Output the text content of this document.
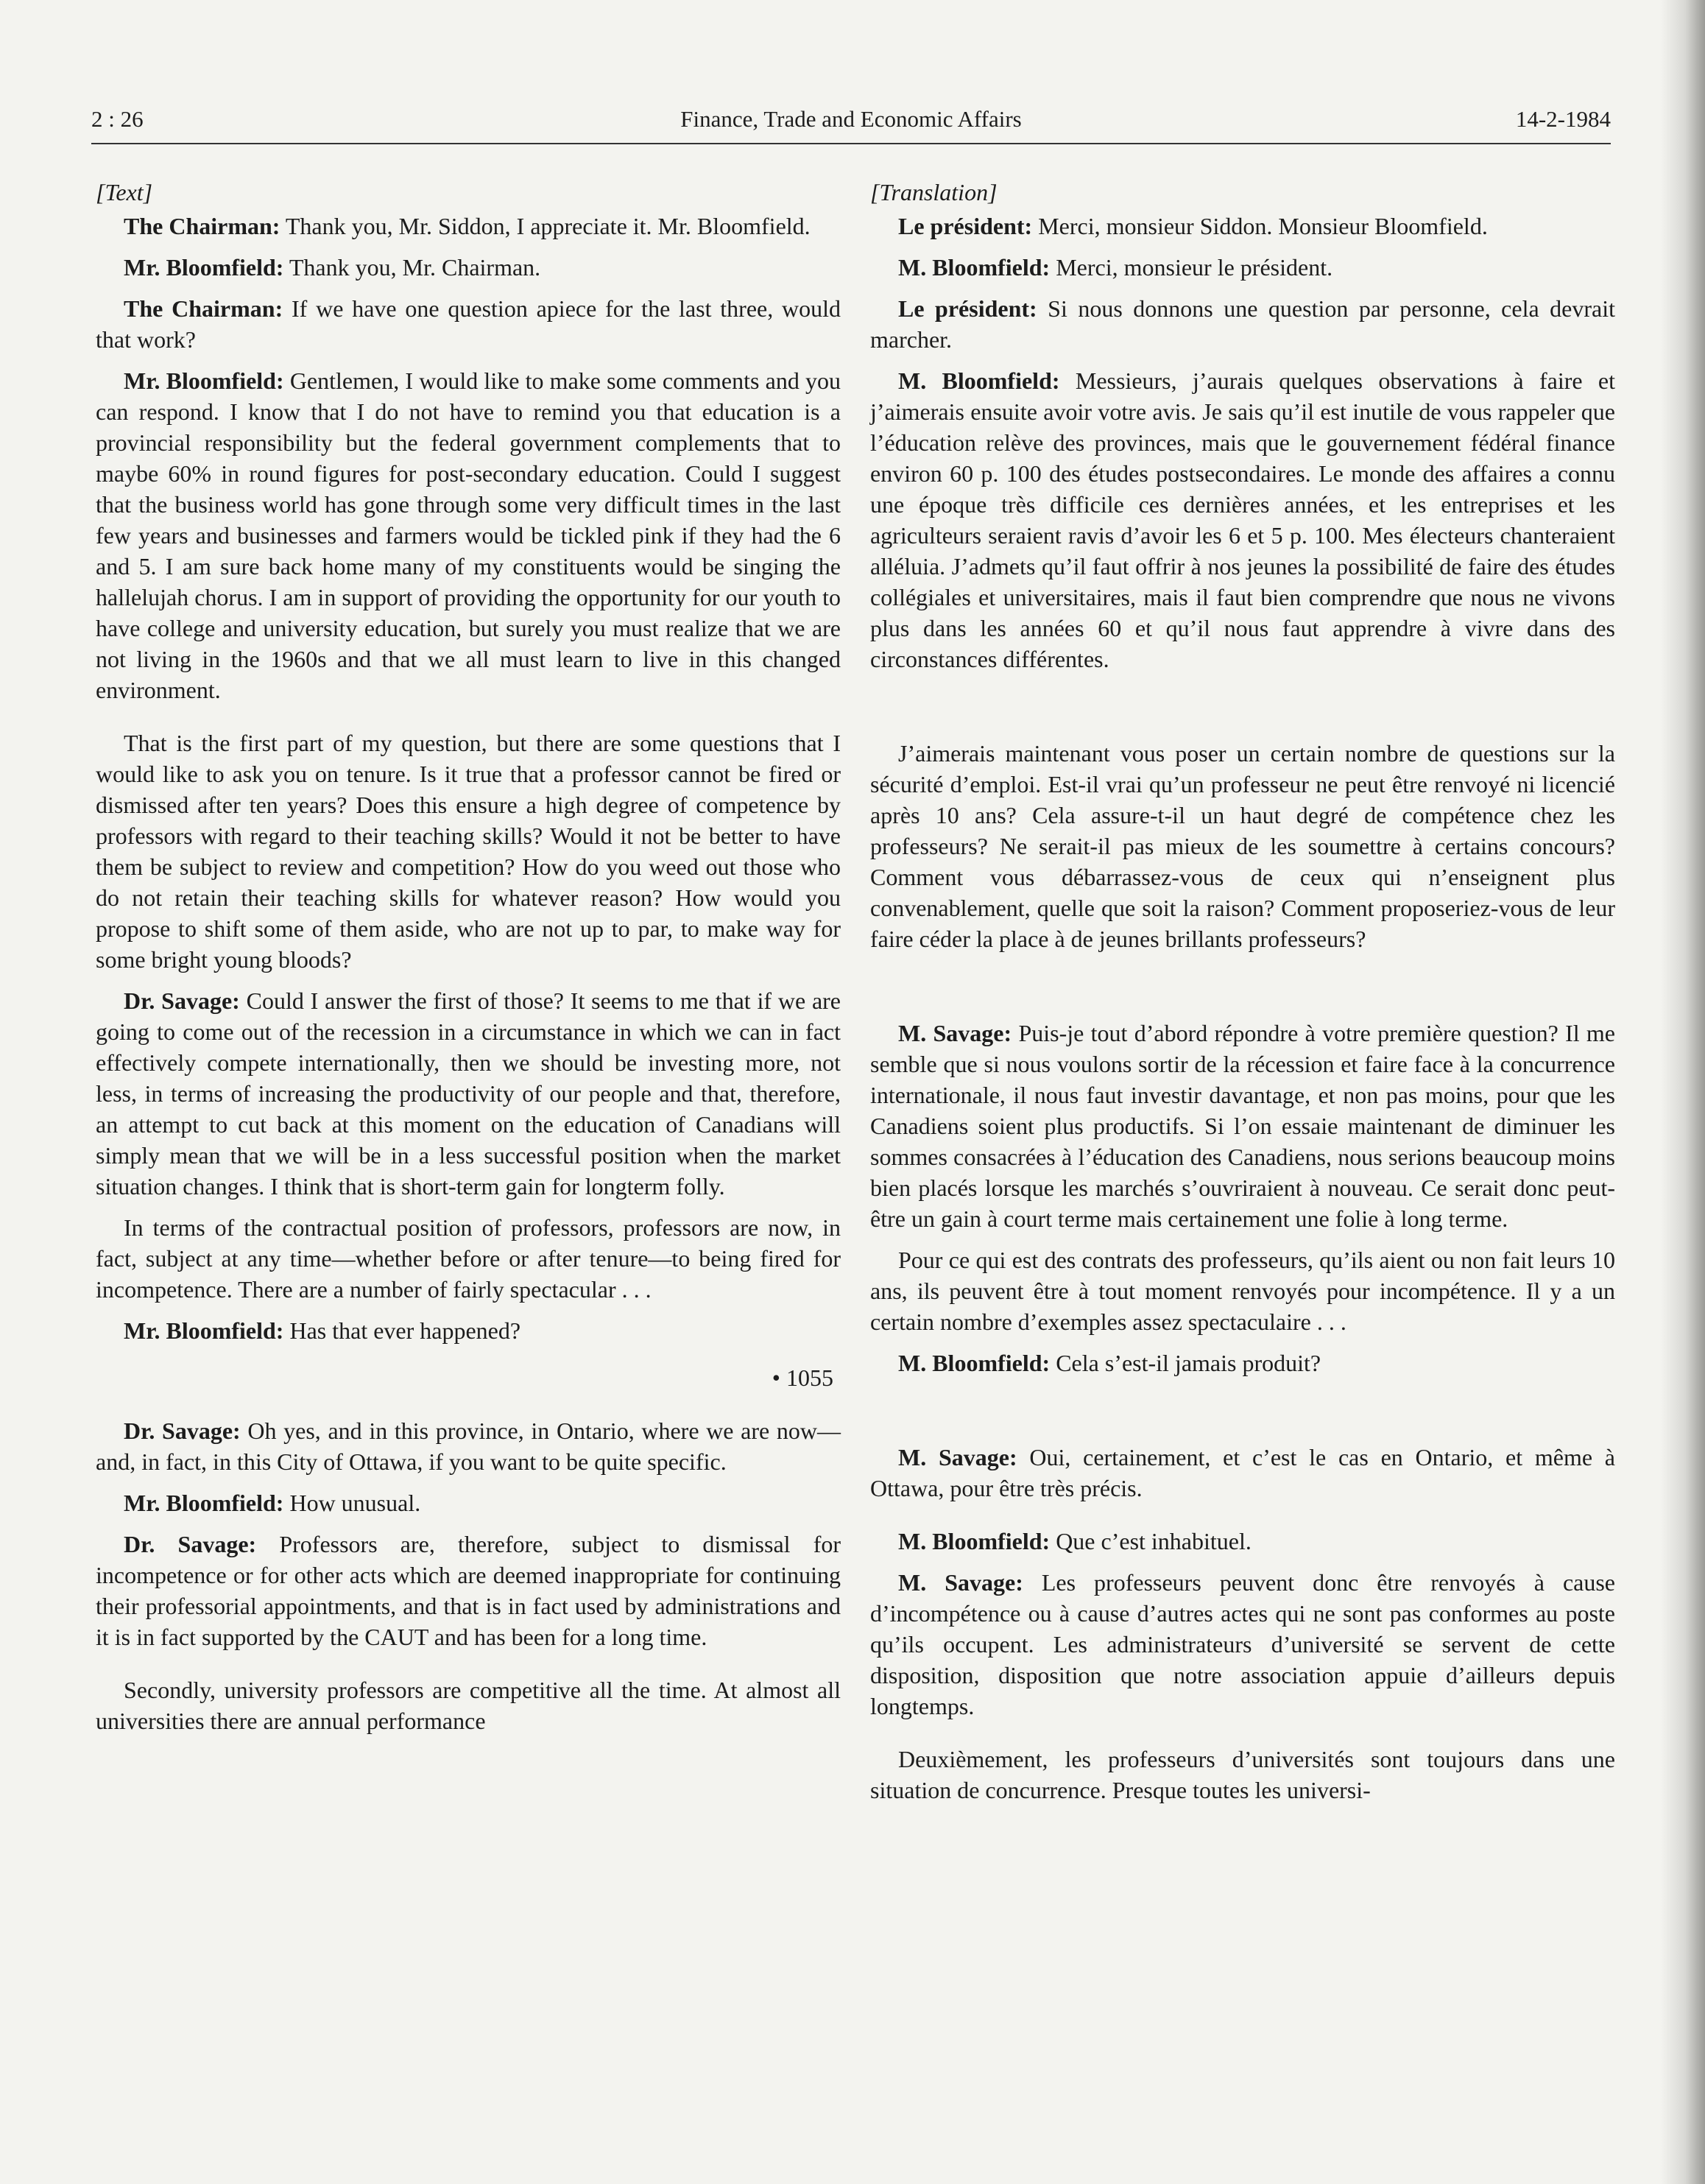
2 : 26	Finance, Trade and Economic Affairs	14-2-1984
[Text]

The Chairman: Thank you, Mr. Siddon, I appreciate it. Mr. Bloomfield.

Mr. Bloomfield: Thank you, Mr. Chairman.

The Chairman: If we have one question apiece for the last three, would that work?

Mr. Bloomfield: Gentlemen, I would like to make some comments and you can respond. I know that I do not have to remind you that education is a provincial responsibility but the federal government complements that to maybe 60% in round figures for post-secondary education. Could I suggest that the business world has gone through some very difficult times in the last few years and businesses and farmers would be tickled pink if they had the 6 and 5. I am sure back home many of my constituents would be singing the hallelujah chorus. I am in support of providing the opportunity for our youth to have college and university education, but surely you must realize that we are not living in the 1960s and that we all must learn to live in this changed environment.

That is the first part of my question, but there are some questions that I would like to ask you on tenure. Is it true that a professor cannot be fired or dismissed after ten years? Does this ensure a high degree of competence by professors with regard to their teaching skills? Would it not be better to have them be subject to review and competition? How do you weed out those who do not retain their teaching skills for whatever reason? How would you propose to shift some of them aside, who are not up to par, to make way for some bright young bloods?

Dr. Savage: Could I answer the first of those? It seems to me that if we are going to come out of the recession in a circumstance in which we can in fact effectively compete internationally, then we should be investing more, not less, in terms of increasing the productivity of our people and that, therefore, an attempt to cut back at this moment on the education of Canadians will simply mean that we will be in a less successful position when the market situation changes. I think that is short-term gain for longterm folly.

In terms of the contractual position of professors, professors are now, in fact, subject at any time—whether before or after tenure—to being fired for incompetence. There are a number of fairly spectacular . . .

Mr. Bloomfield: Has that ever happened?

• 1055

Dr. Savage: Oh yes, and in this province, in Ontario, where we are now—and, in fact, in this City of Ottawa, if you want to be quite specific.

Mr. Bloomfield: How unusual.

Dr. Savage: Professors are, therefore, subject to dismissal for incompetence or for other acts which are deemed inappropriate for continuing their professorial appointments, and that is in fact used by administrations and it is in fact supported by the CAUT and has been for a long time.

Secondly, university professors are competitive all the time. At almost all universities there are annual performance

[Translation]

Le président: Merci, monsieur Siddon. Monsieur Bloomfield.

M. Bloomfield: Merci, monsieur le président.

Le président: Si nous donnons une question par personne, cela devrait marcher.

M. Bloomfield: Messieurs, j’aurais quelques observations à faire et j’aimerais ensuite avoir votre avis. Je sais qu’il est inutile de vous rappeler que l’éducation relève des provinces, mais que le gouvernement fédéral finance environ 60 p. 100 des études postsecondaires. Le monde des affaires a connu une époque très difficile ces dernières années, et les entreprises et les agriculteurs seraient ravis d’avoir les 6 et 5 p. 100. Mes électeurs chanteraient alléluia. J’admets qu’il faut offrir à nos jeunes la possibilité de faire des études collégiales et universitaires, mais il faut bien comprendre que nous ne vivons plus dans les années 60 et qu’il nous faut apprendre à vivre dans des circonstances différentes.

J’aimerais maintenant vous poser un certain nombre de questions sur la sécurité d’emploi. Est-il vrai qu’un professeur ne peut être renvoyé ni licencié après 10 ans? Cela assure-t-il un haut degré de compétence chez les professeurs? Ne serait-il pas mieux de les soumettre à certains concours? Comment vous débarrassez-vous de ceux qui n’enseignent plus convenablement, quelle que soit la raison? Comment proposeriez-vous de leur faire céder la place à de jeunes brillants professeurs?

M. Savage: Puis-je tout d’abord répondre à votre première question? Il me semble que si nous voulons sortir de la récession et faire face à la concurrence internationale, il nous faut investir davantage, et non pas moins, pour que les Canadiens soient plus productifs. Si l’on essaie maintenant de diminuer les sommes consacrées à l’éducation des Canadiens, nous serions beaucoup moins bien placés lorsque les marchés s’ouvriraient à nouveau. Ce serait donc peut-être un gain à court terme mais certainement une folie à long terme.

Pour ce qui est des contrats des professeurs, qu’ils aient ou non fait leurs 10 ans, ils peuvent être à tout moment renvoyés pour incompétence. Il y a un certain nombre d’exemples assez spectaculaire . . .

M. Bloomfield: Cela s’est-il jamais produit?

M. Savage: Oui, certainement, et c’est le cas en Ontario, et même à Ottawa, pour être très précis.

M. Bloomfield: Que c’est inhabituel.

M. Savage: Les professeurs peuvent donc être renvoyés à cause d’incompétence ou à cause d’autres actes qui ne sont pas conformes au poste qu’ils occupent. Les administrateurs d’université se servent de cette disposition, disposition que notre association appuie d’ailleurs depuis longtemps.

Deuxièmement, les professeurs d’universités sont toujours dans une situation de concurrence. Presque toutes les universi-
